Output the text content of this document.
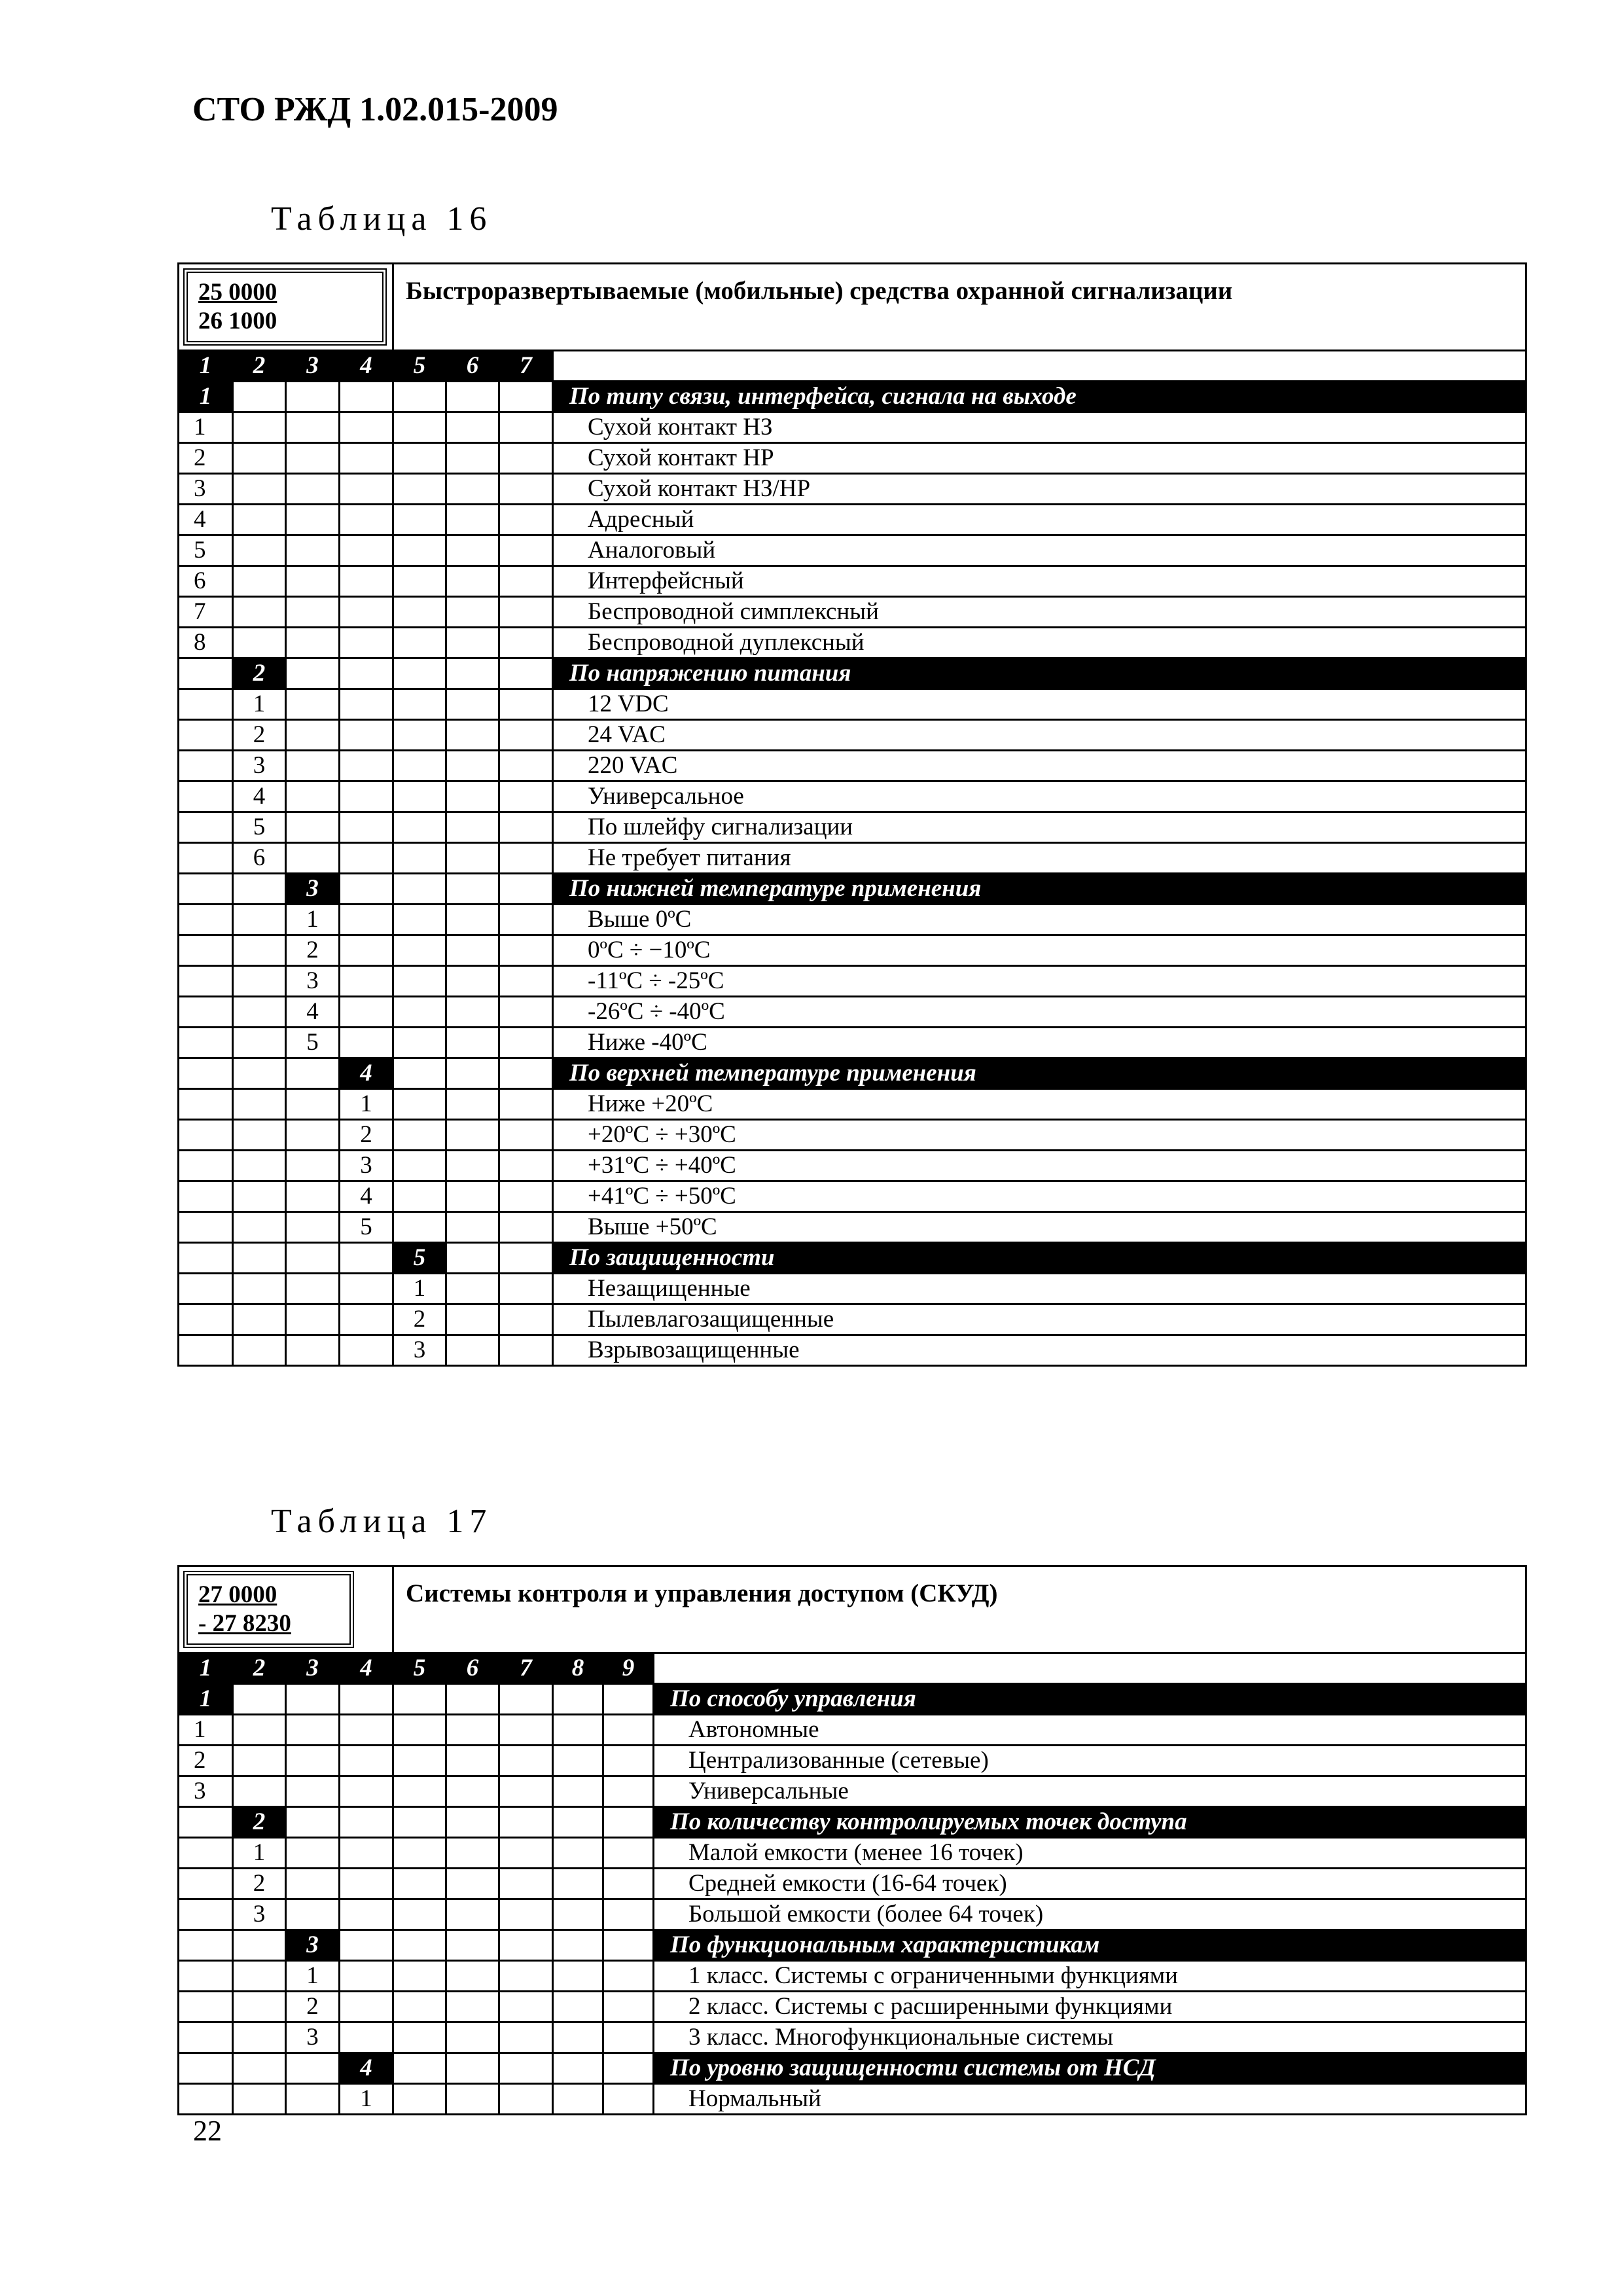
СТО РЖД 1.02.015-2009
Таблица 16
25 0000
26 1000				Быстроразвертываемые (мобильные) средства охранной сигнализации			
1	2	3	4	5	6	7	
1							По типу связи, интерфейса, сигнала на выходе
1							Сухой контакт НЗ
2							Сухой контакт НР
3							Сухой контакт НЗ/НР
4							Адресный
5							Аналоговый
6							Интерфейсный
7							Беспроводной симплексный
8							Беспроводной дуплексный
	2						По напряжению питания
	1						12 VDC
	2						24 VAC
	3						220 VAC
	4						Универсальное
	5						По шлейфу сигнализации
	6						Не требует питания
		3					По нижней температуре применения
		1					Выше 0ºС
		2					0ºС ÷ −10ºС
		3					-11ºС ÷ -25ºС
		4					-26ºС ÷ -40ºС
		5					Ниже -40ºС
			4				По верхней температуре применения
			1				Ниже +20ºС
			2				+20ºС ÷ +30ºС
			3				+31ºС ÷ +40ºС
			4				+41ºС ÷ +50ºС
			5				Выше +50ºС
				5			По защищенности
				1			Незащищенные
				2			Пылевлагозащищенные
				3			Взрывозащищенные
Таблица 17
27 0000
- 27 8230				Системы контроля и управления доступом (СКУД)					
1	2	3	4	5	6	7	8	9	
1									По способу управления
1									Автономные
2									Централизованные (сетевые)
3									Универсальные
	2								По количеству контролируемых точек доступа
	1								Малой емкости (менее 16 точек)
	2								Средней емкости (16-64 точек)
	3								Большой емкости (более 64 точек)
		3							По функциональным характеристикам
		1							1 класс. Системы с ограниченными функциями
		2							2 класс. Системы с расширенными функциями
		3							3 класс. Многофункциональные системы
			4						По уровню защищенности системы от НСД
			1						Нормальный
22
